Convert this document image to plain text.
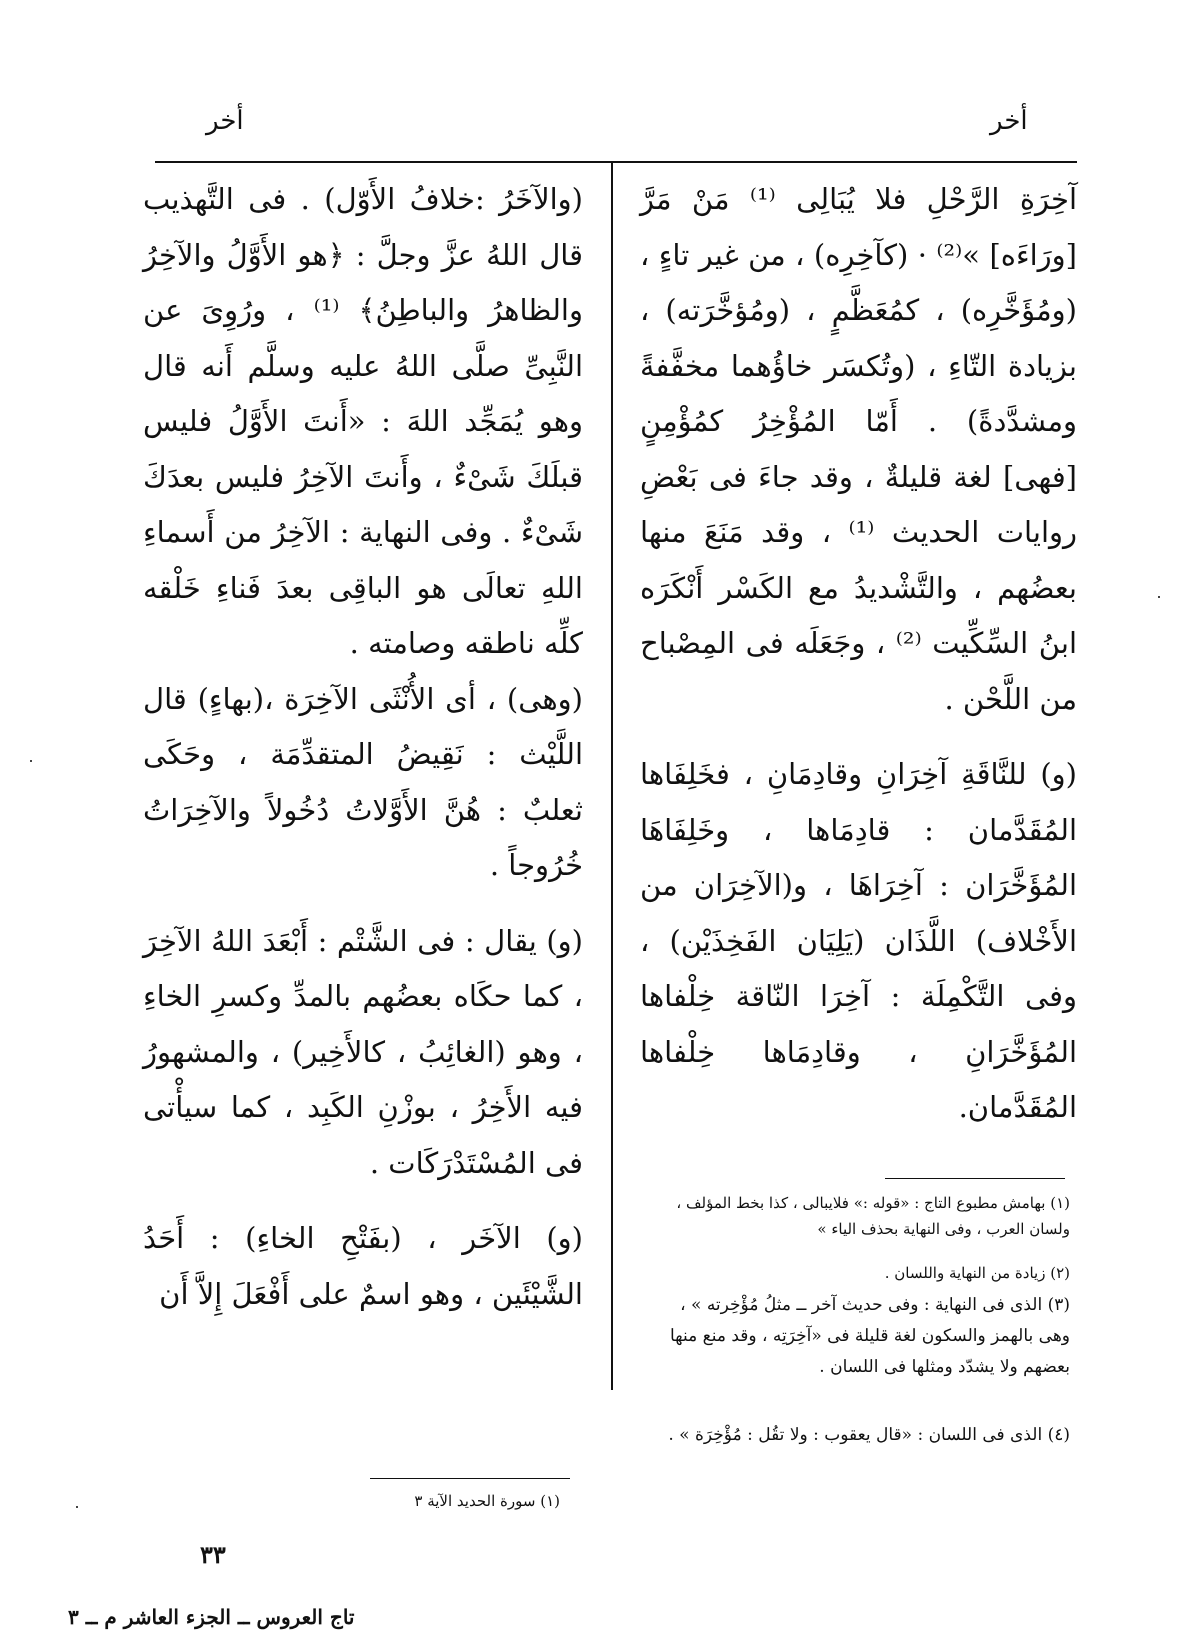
أخر
أخر

آخِرَةِ الرَّحْلِ فلا يُبَالِى ⁽¹⁾ مَنْ مَرَّ [ورَاءَه] »⁽²⁾ · (كآخِرِه) ، من غير تاءٍ ، (ومُؤَخَّرِه) ، كمُعَظَّمٍ ، (ومُؤخَّرَته) ، بزيادة التّاءِ ، (وتُكسَر خاؤُهما مخفَّفةً ومشدَّدةً) . أَمّا المُؤْخِرُ كمُؤْمِنٍ [فهى] لغة قليلةٌ ، وقد جاءَ فى بَعْضِ روايات الحديث ⁽¹⁾ ، وقد مَنَعَ منها بعضُهم ، والتَّشْديدُ مع الكَسْر أَنْكَرَه ابنُ السِّكِّيت ⁽²⁾ ، وجَعَلَه فى المِصْباح من اللَّحْن .

(و) للنَّاقَةِ آخِرَانِ وقادِمَانِ ، فخَلِفَاها المُقَدَّمان : قادِمَاها ، وخَلِفَاهَا المُؤَخَّرَان : آخِرَاهَا ، و(الآخِرَان من الأَخْلاف) اللَّذَان (يَلِيَان الفَخِذَيْن) ، وفى التَّكْمِلَة : آخِرَا النّاقة خِلْفاها المُؤَخَّرَانِ ، وقادِمَاها خِلْفاها المُقَدَّمان.

(والآخَرُ :خلافُ الأَوّل) . فى التَّهذيب قال اللهُ عزَّ وجلَّ : ﴿هو الأَوَّلُ والآخِرُ والظاهرُ والباطِنُ﴾ ⁽¹⁾ ، ورُوِىَ عن النَّبِىِّ صلَّى اللهُ عليه وسلَّم أَنه قال وهو يُمَجِّد اللهَ : «أَنتَ الأَوَّلُ فليس قبلَكَ شَىْءٌ ، وأَنتَ الآخِرُ فليس بعدَكَ شَىْءٌ . وفى النهاية : الآخِرُ من أَسماءِ اللهِ تعالَى هو الباقِى بعدَ فَناءِ خَلْقه كلِّه ناطقه وصامته .

(وهى) ، أى الأُنْثَى الآخِرَة ،(بهاءٍ) قال اللَّيْث : نَقِيضُ المتقدِّمَة ، وحَكَى ثعلبٌ : هُنَّ الأَوَّلاتُ دُخُولاً والآخِرَاتُ خُرُوجاً .

(و) يقال : فى الشَّتْم : أَبْعَدَ اللهُ الآخِرَ ، كما حكَاه بعضُهم بالمدِّ وكسرِ الخاءِ ، وهو (الغائِبُ ، كالأَخِير) ، والمشهورُ فيه الأَخِرُ ، بوزْنِ الكَبِد ، كما سيأْتى فى المُسْتَدْرَكَات .

(و) الآخَر ، (بفَتْحِ الخاءِ) : أَحَدُ الشَّيْئَين ، وهو اسمٌ على أَفْعَلَ إِلاَّ أَن

(١) بهامش مطبوع التاج : «قوله :» فلايبالى ، كذا بخط المؤلف ، ولسان العرب ، وفى النهاية بحذف الياء »
(٢) زيادة من النهاية واللسان .
(٣) الذى فى النهاية : وفى حديث آخر ــ مثلُ مُؤْخِرته » ، وهى بالهمز والسكون لغة قليلة فى «آخِرَتِه ، وقد منع منها بعضهم ولا يشدّد ومثلها فى اللسان .
(٤) الذى فى اللسان : «قال يعقوب : ولا تقُل : مُؤْخِرَة » .
(١) سورة الحديد الآية ٣
٣٣
تاج العروس ــ الجزء العاشر م ــ ٣
